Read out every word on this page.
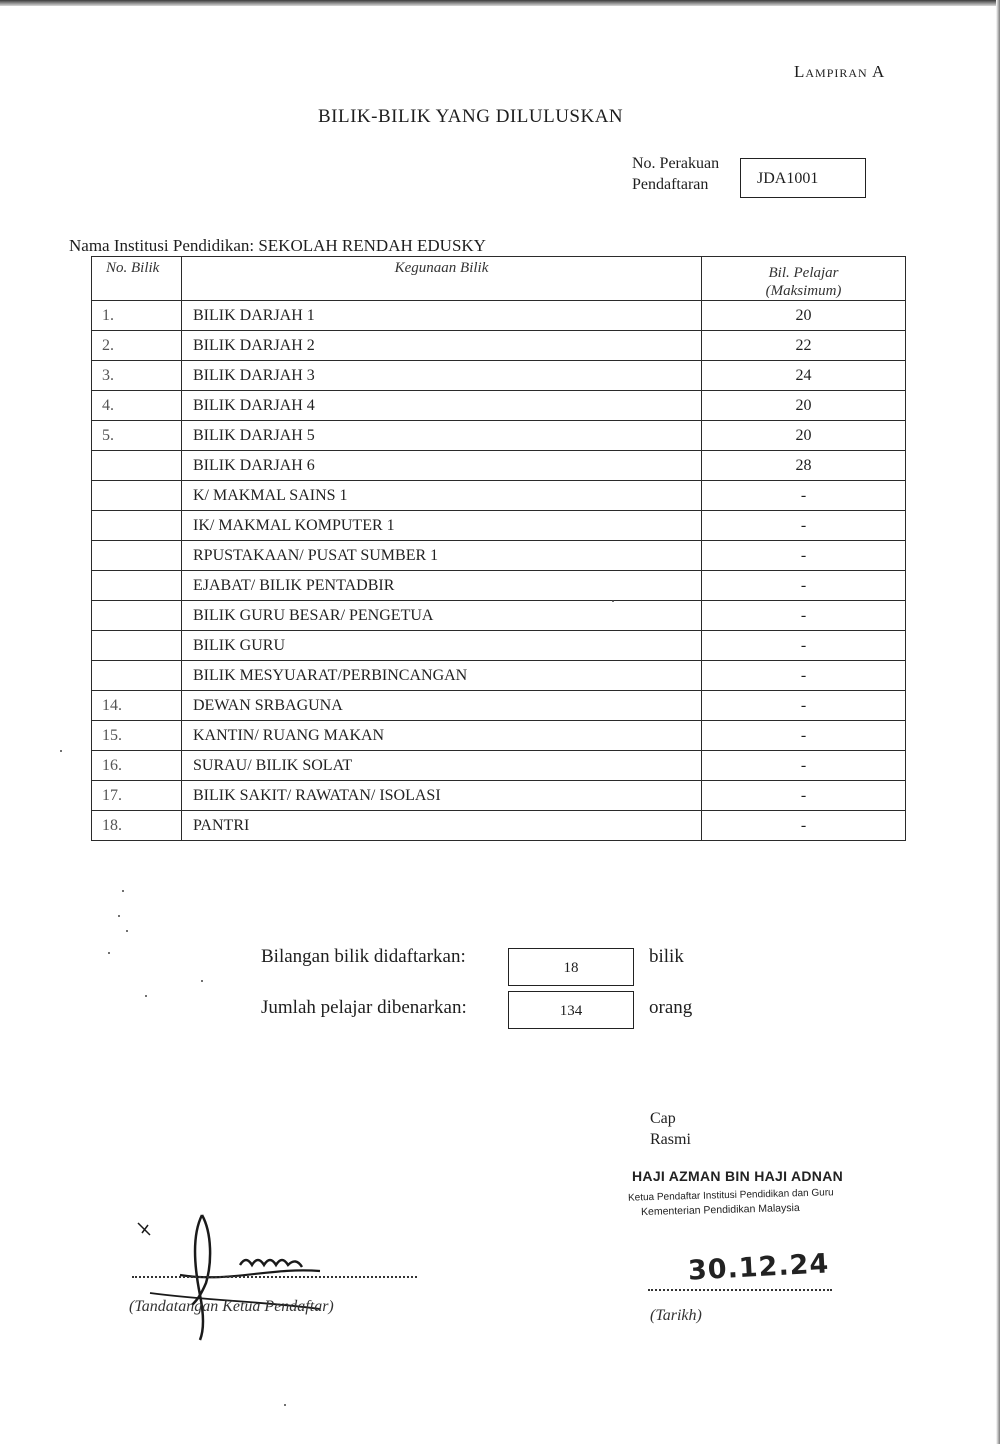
Lampiran A
BILIK-BILIK YANG DILULUSKAN
No. Perakuan
Pendaftaran	JDA1001
Nama Institusi Pendidikan: SEKOLAH RENDAH EDUSKY
No. Bilik	Kegunaan Bilik	Bil. Pelajar
(Maksimum)

1.	BILIK DARJAH 1	20
2.	BILIK DARJAH 2	22
3.	BILIK DARJAH 3	24
4.	BILIK DARJAH 4	20
5.	BILIK DARJAH 5	20
	BILIK DARJAH 6	28
	K/ MAKMAL SAINS 1	-
	IK/ MAKMAL KOMPUTER 1	-
	RPUSTAKAAN/ PUSAT SUMBER 1	-
	EJABAT/ BILIK PENTADBIR	-
	BILIK GURU BESAR/ PENGETUA	-
	BILIK GURU	-
	BILIK MESYUARAT/PERBINCANGAN	-
14.	DEWAN SRBAGUNA	-
15.	KANTIN/ RUANG MAKAN	-
16.	SURAU/ BILIK SOLAT	-
17.	BILIK SAKIT/ RAWATAN/ ISOLASI	-
18.	PANTRI	-
Bilangan bilik didaftarkan:
18
bilik
Jumlah pelajar dibenarkan:	134	orang
Cap
Rasmi
HAJI AZMAN BIN HAJI ADNAN
Ketua Pendaftar Institusi Pendidikan dan Guru
Kementerian Pendidikan Malaysia
(Tandatangan Ketua Pendaftar)
30.12.24
(Tarikh)
